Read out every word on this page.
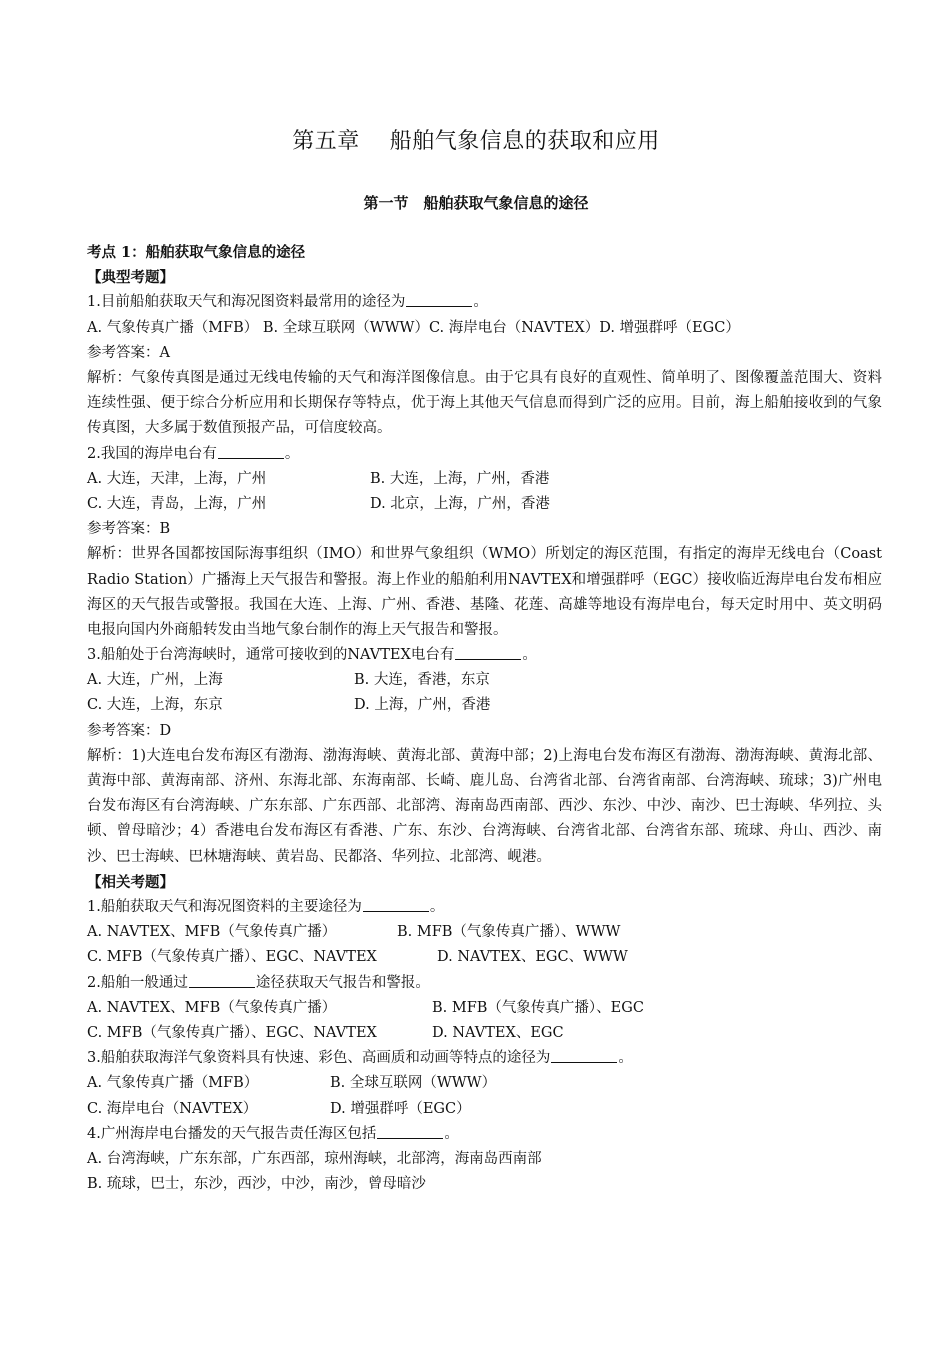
第五章　 船舶气象信息的获取和应用
第一节　船舶获取气象信息的途径
考点 1：船舶获取气象信息的途径
【典型考题】
1.目前船舶获取天气和海况图资料最常用的途径为	。
A. 气象传真广播（MFB） B. 全球互联网（WWW）C. 海岸电台（NAVTEX）D. 增强群呼（EGC）
参考答案：A
解析：气象传真图是通过无线电传输的天气和海洋图像信息。由于它具有良好的直观性、简单明了、图像覆盖范围大、资料连续性强、便于综合分析应用和长期保存等特点，优于海上其他天气信息而得到广泛的应用。目前，海上船舶接收到的气象传真图，大多属于数值预报产品，可信度较高。
2.我国的海岸电台有	。
A. 大连，天津，上海，广州	B. 大连，上海，广州，香港
C. 大连，青岛，上海，广州	D. 北京，上海，广州，香港
参考答案：B
解析：世界各国都按国际海事组织（IMO）和世界气象组织（WMO）所划定的海区范围，有指定的海岸无线电台（Coast Radio Station）广播海上天气报告和警报。海上作业的船舶利用NAVTEX和增强群呼（EGC）接收临近海岸电台发布相应海区的天气报告或警报。我国在大连、上海、广州、香港、基隆、花莲、高雄等地设有海岸电台，每天定时用中、英文明码电报向国内外商船转发由当地气象台制作的海上天气报告和警报。
3.船舶处于台湾海峡时，通常可接收到的NAVTEX电台有	。
A. 大连，广州，上海	B. 大连，香港，东京
C. 大连，上海，东京	D. 上海，广州，香港
参考答案：D
解析：1)大连电台发布海区有渤海、渤海海峡、黄海北部、黄海中部；2)上海电台发布海区有渤海、渤海海峡、黄海北部、黄海中部、黄海南部、济州、东海北部、东海南部、长崎、鹿儿岛、台湾省北部、台湾省南部、台湾海峡、琉球；3)广州电台发布海区有台湾海峡、广东东部、广东西部、北部湾、海南岛西南部、西沙、东沙、中沙、南沙、巴士海峡、华列拉、头顿、曾母暗沙；4）香港电台发布海区有香港、广东、东沙、台湾海峡、台湾省北部、台湾省东部、琉球、舟山、西沙、南沙、巴士海峡、巴林塘海峡、黄岩岛、民都洛、华列拉、北部湾、岘港。
【相关考题】
1.船舶获取天气和海况图资料的主要途径为	。
A. NAVTEX、MFB（气象传真广播）	B. MFB（气象传真广播）、WWW
C. MFB（气象传真广播）、EGC、NAVTEX	D. NAVTEX、EGC、WWW
2.船舶一般通过	途径获取天气报告和警报。
A. NAVTEX、MFB（气象传真广播）	B. MFB（气象传真广播）、EGC
C. MFB（气象传真广播）、EGC、NAVTEX	D. NAVTEX、EGC
3.船舶获取海洋气象资料具有快速、彩色、高画质和动画等特点的途径为	。
A. 气象传真广播（MFB）	B. 全球互联网（WWW）
C. 海岸电台（NAVTEX）	D. 增强群呼（EGC）
4.广州海岸电台播发的天气报告责任海区包括	。
A. 台湾海峡，广东东部，广东西部，琼州海峡，北部湾，海南岛西南部
B. 琉球，巴士，东沙，西沙，中沙，南沙，曾母暗沙
